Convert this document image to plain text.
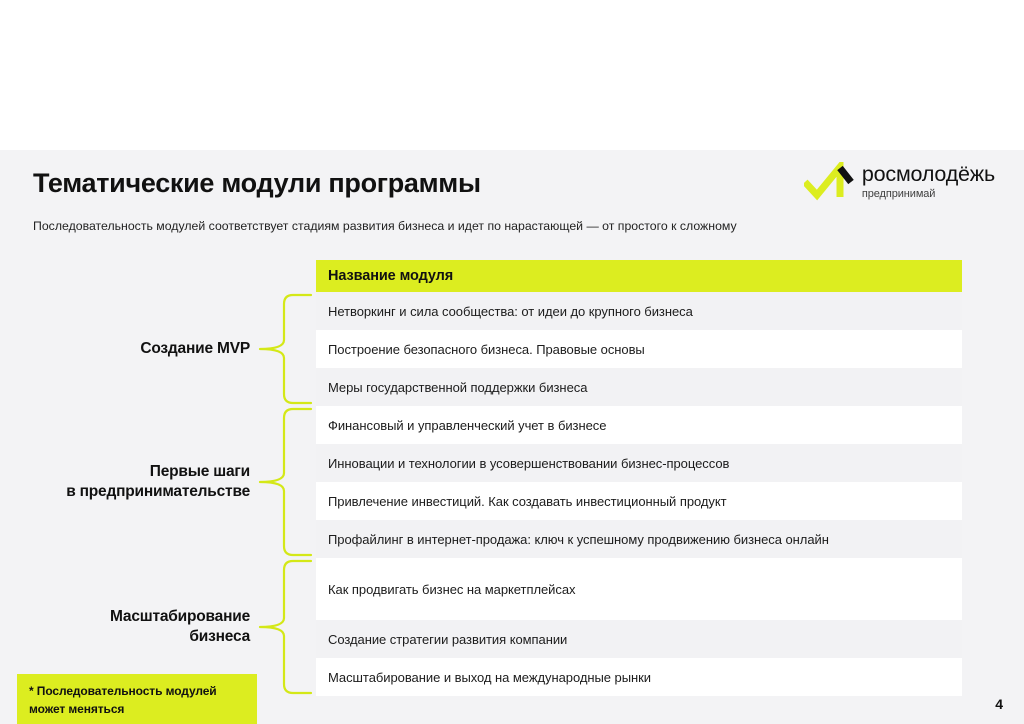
Тематические модули программы
Последовательность модулей соответствует стадиям развития бизнеса и идет по нарастающей — от простого к сложному
росмолодёжь
предпринимай
Создание MVP
Первые шаги
в предпринимательстве
Масштабирование
бизнеса
Название модуля
Нетворкинг и сила сообщества: от идеи до крупного бизнеса
Построение безопасного бизнеса. Правовые основы
Меры государственной поддержки бизнеса
Финансовый и управленческий учет в бизнесе
Инновации и технологии в усовершенствовании бизнес-процессов
Привлечение инвестиций. Как создавать инвестиционный продукт
Профайлинг в интернет-продажа: ключ к успешному продвижению бизнеса онлайн
Как продвигать бизнес на маркетплейсах
Создание стратегии развития компании
Масштабирование и выход на международные рынки
* Последовательность модулей может меняться	4
